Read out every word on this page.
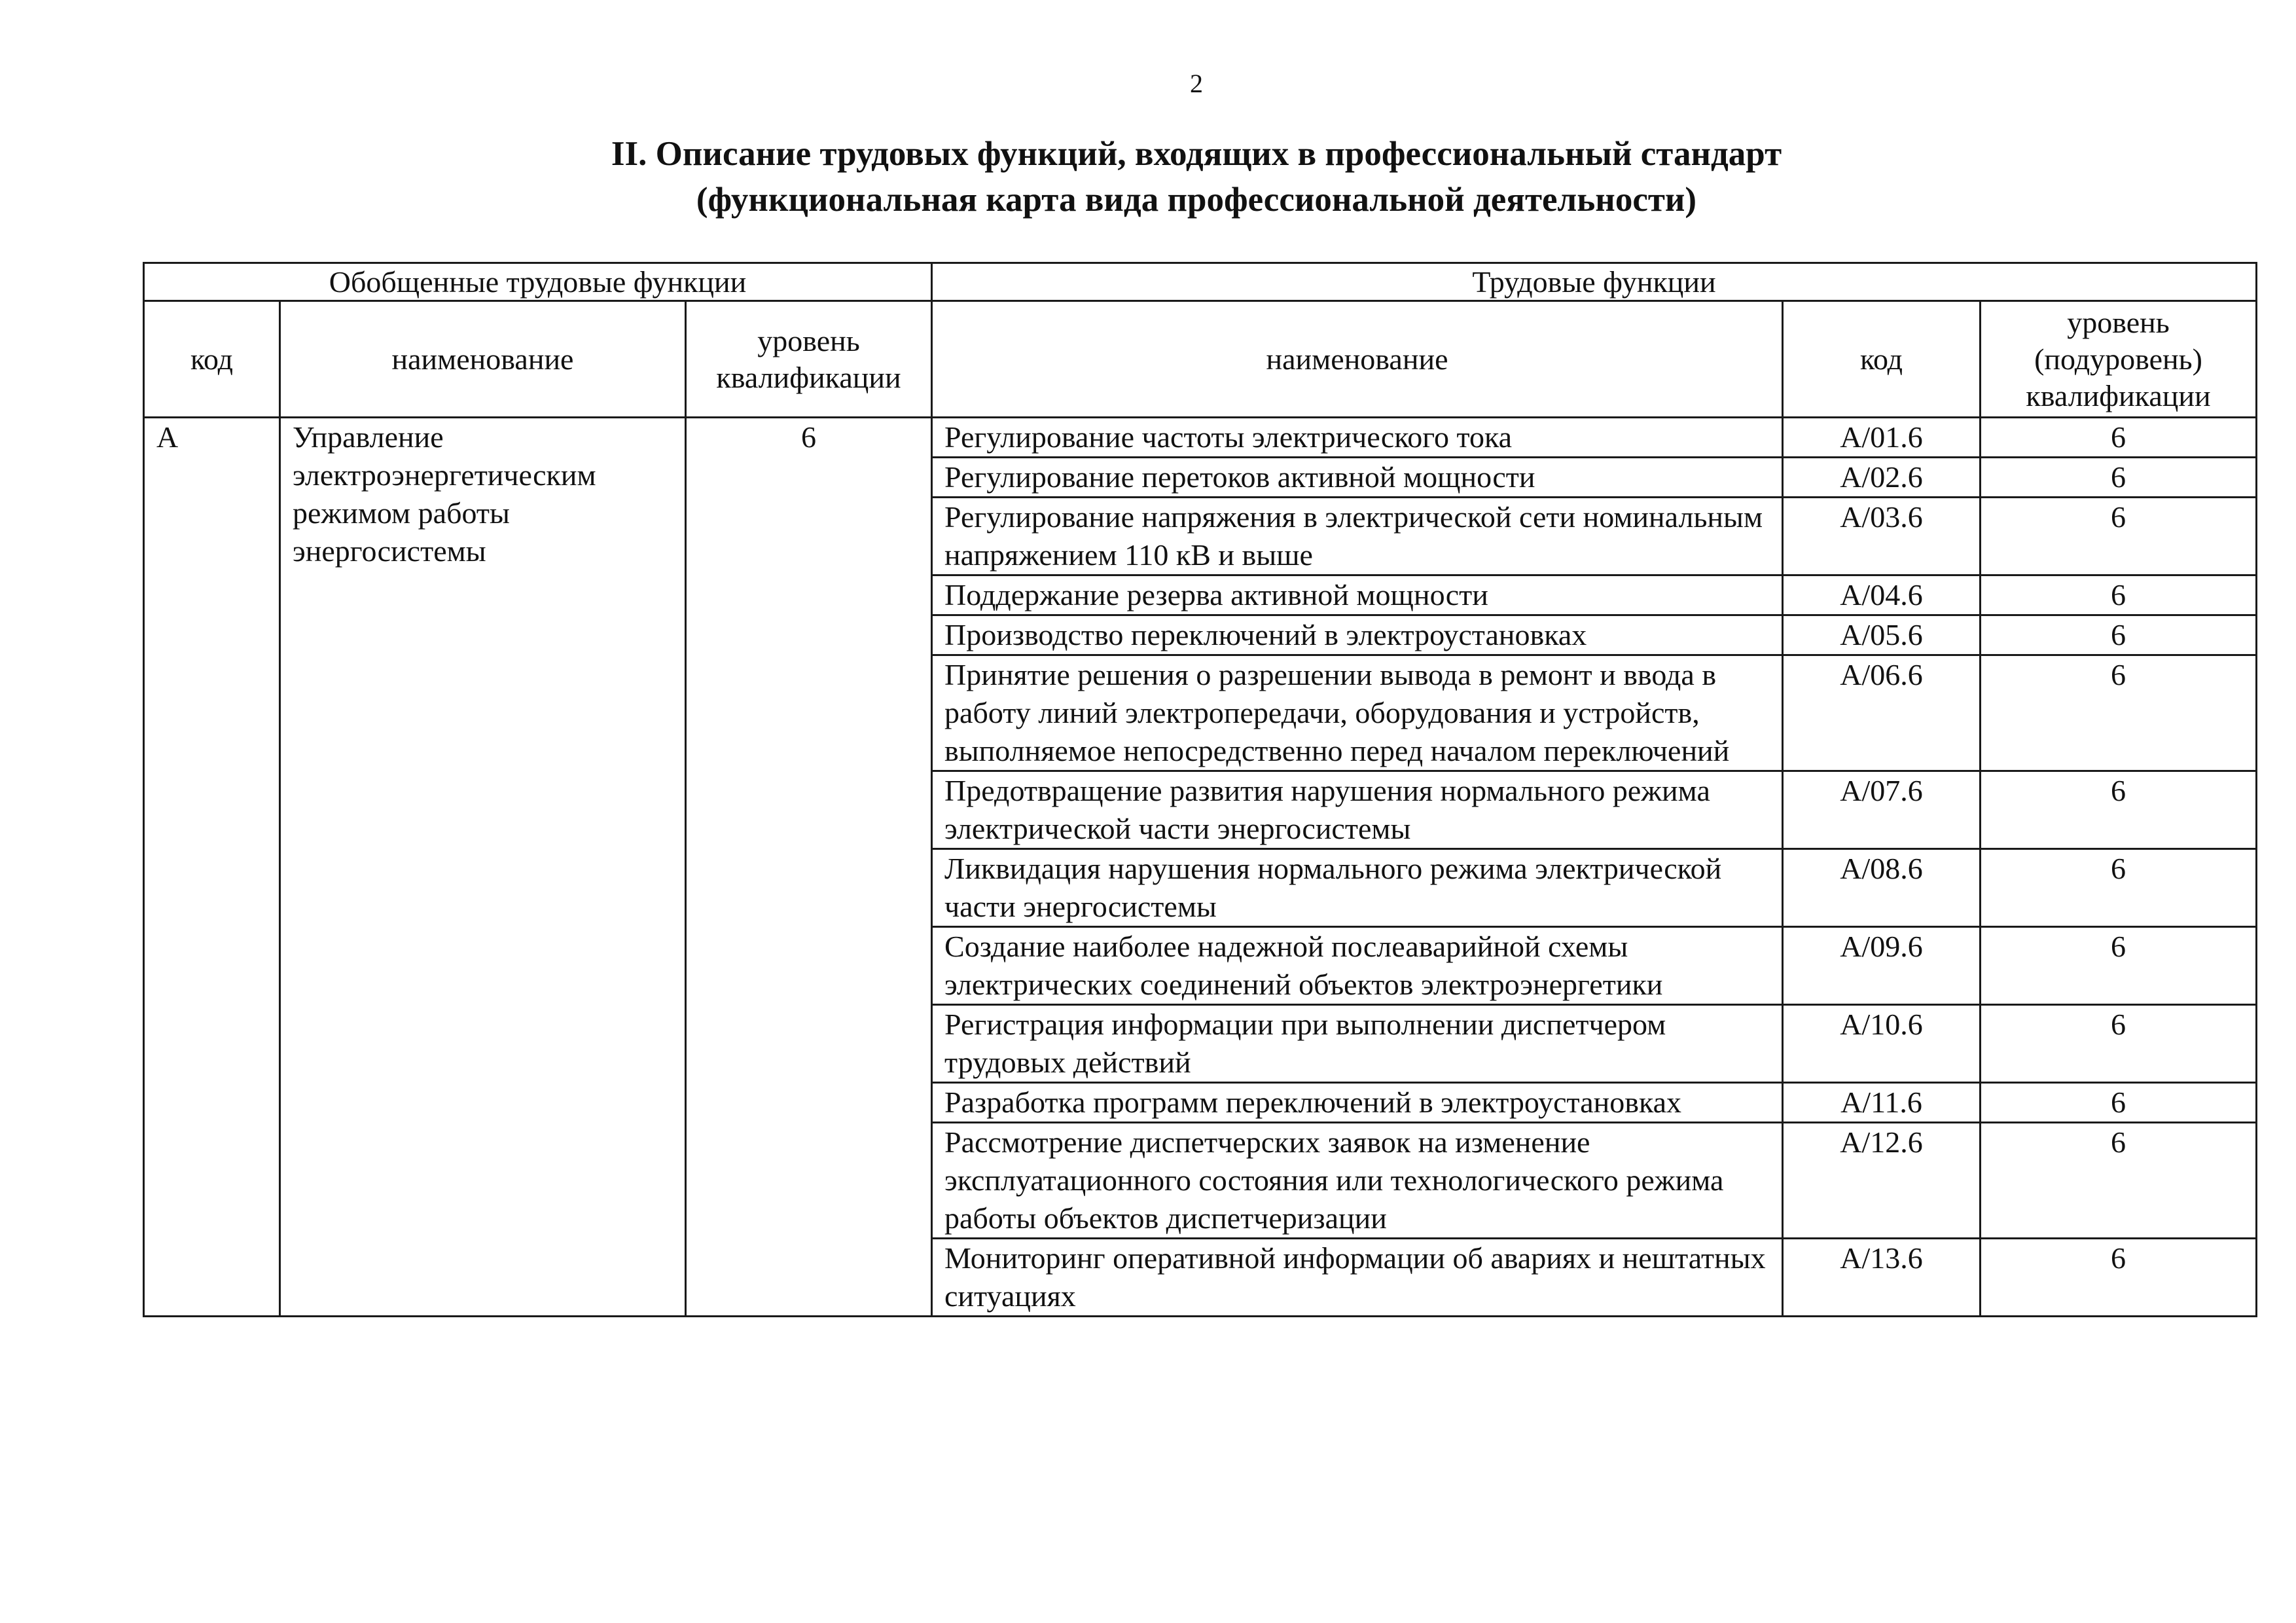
2
II. Описание трудовых функций, входящих в профессиональный стандарт
(функциональная карта вида профессиональной деятельности)
Обобщенные трудовые функции			Трудовые функции		
код	наименование	уровень квалификации	наименование	код	уровень (подуровень) квалификации
A	Управление электроэнергетическим режимом работы энергосистемы	6	Регулирование частоты электрического тока	A/01.6	6
			Регулирование перетоков активной мощности	A/02.6	6
			Регулирование напряжения в электрической сети номинальным напряжением 110 кВ и выше	A/03.6	6
			Поддержание резерва активной мощности	A/04.6	6
			Производство переключений в электроустановках	A/05.6	6
			Принятие решения о разрешении вывода в ремонт и ввода в работу линий электропередачи, оборудования и устройств, выполняемое непосредственно перед началом переключений	A/06.6	6
			Предотвращение развития нарушения нормального режима электрической части энергосистемы	A/07.6	6
			Ликвидация нарушения нормального режима электрической части энергосистемы	A/08.6	6
			Создание наиболее надежной послеаварийной схемы электрических соединений объектов электроэнергетики	A/09.6	6
			Регистрация информации при выполнении диспетчером трудовых действий	A/10.6	6
			Разработка программ переключений в электроустановках	A/11.6	6
			Рассмотрение диспетчерских заявок на изменение эксплуатационного состояния или технологического режима работы объектов диспетчеризации	A/12.6	6
			Мониторинг оперативной информации об авариях и нештатных ситуациях	A/13.6	6
